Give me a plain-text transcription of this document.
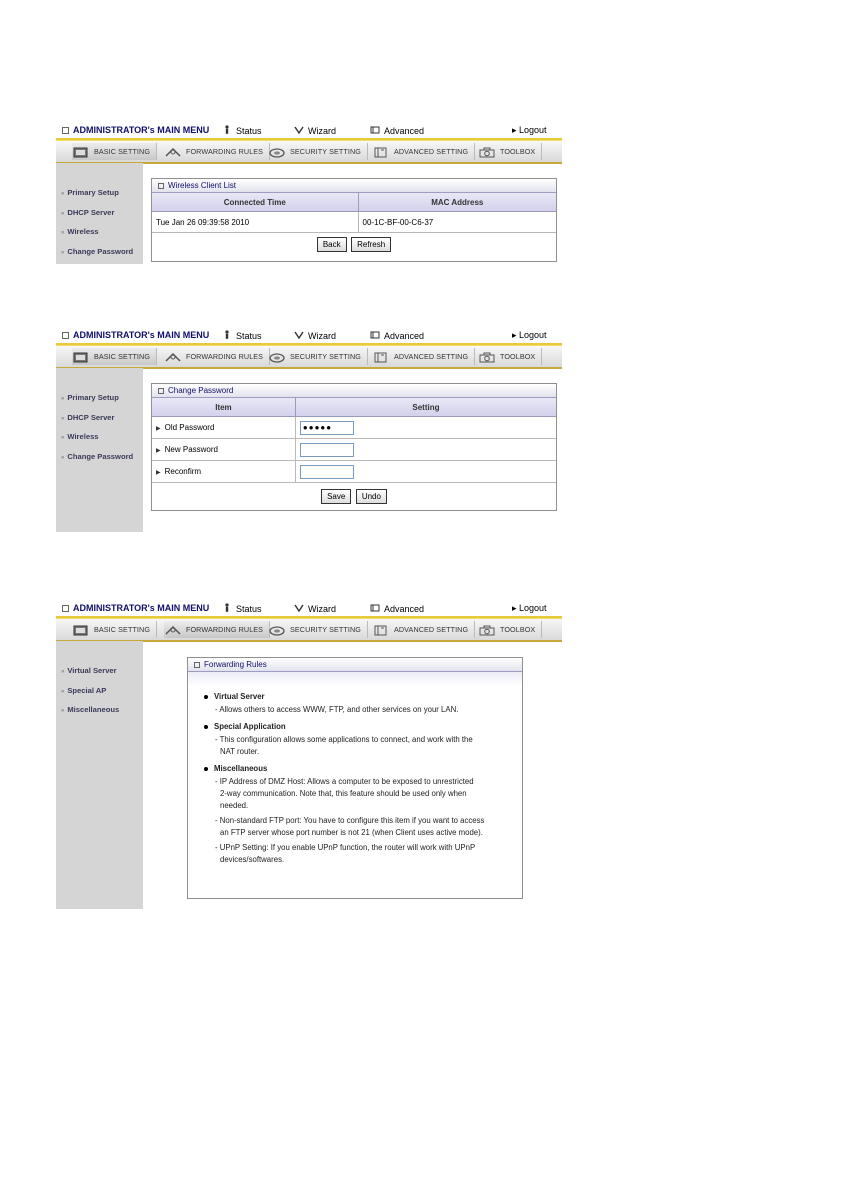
ADMINISTRATOR's MAIN MENU	Status	Wizard	Advanced	▸ Logout
BASIC SETTING	FORWARDING RULES	SECURITY SETTING	ADVANCED SETTING	TOOLBOX
» Primary Setup
» DHCP Server
» Wireless
» Change Password
Wireless Client List
Connected Time	MAC Address
Tue Jan 26 09:39:58 2010	00-1C-BF-00-C6-37
Back Refresh
ADMINISTRATOR's MAIN MENU	Status	Wizard	Advanced	▸ Logout
BASIC SETTING	FORWARDING RULES	SECURITY SETTING	ADVANCED SETTING	TOOLBOX
» Primary Setup
» DHCP Server
» Wireless
» Change Password
Change Password
Item	Setting
▶ Old Password	●●●●●
▶ New Password	
▶ Reconfirm	
Save Undo
ADMINISTRATOR's MAIN MENU	Status	Wizard	Advanced	▸ Logout
BASIC SETTING	FORWARDING RULES	SECURITY SETTING	ADVANCED SETTING	TOOLBOX
» Virtual Server
» Special AP
» Miscellaneous
Forwarding Rules
Virtual Server
- Allows others to access WWW, FTP, and other services on your LAN.
Special Application
- This configuration allows some applications to connect, and work with the
NAT router.
Miscellaneous
- IP Address of DMZ Host: Allows a computer to be exposed to unrestricted
2-way communication. Note that, this feature should be used only when
needed.
- Non-standard FTP port: You have to configure this item if you want to access
an FTP server whose port number is not 21 (when Client uses active mode).
- UPnP Setting: If you enable UPnP function, the router will work with UPnP
devices/softwares.
